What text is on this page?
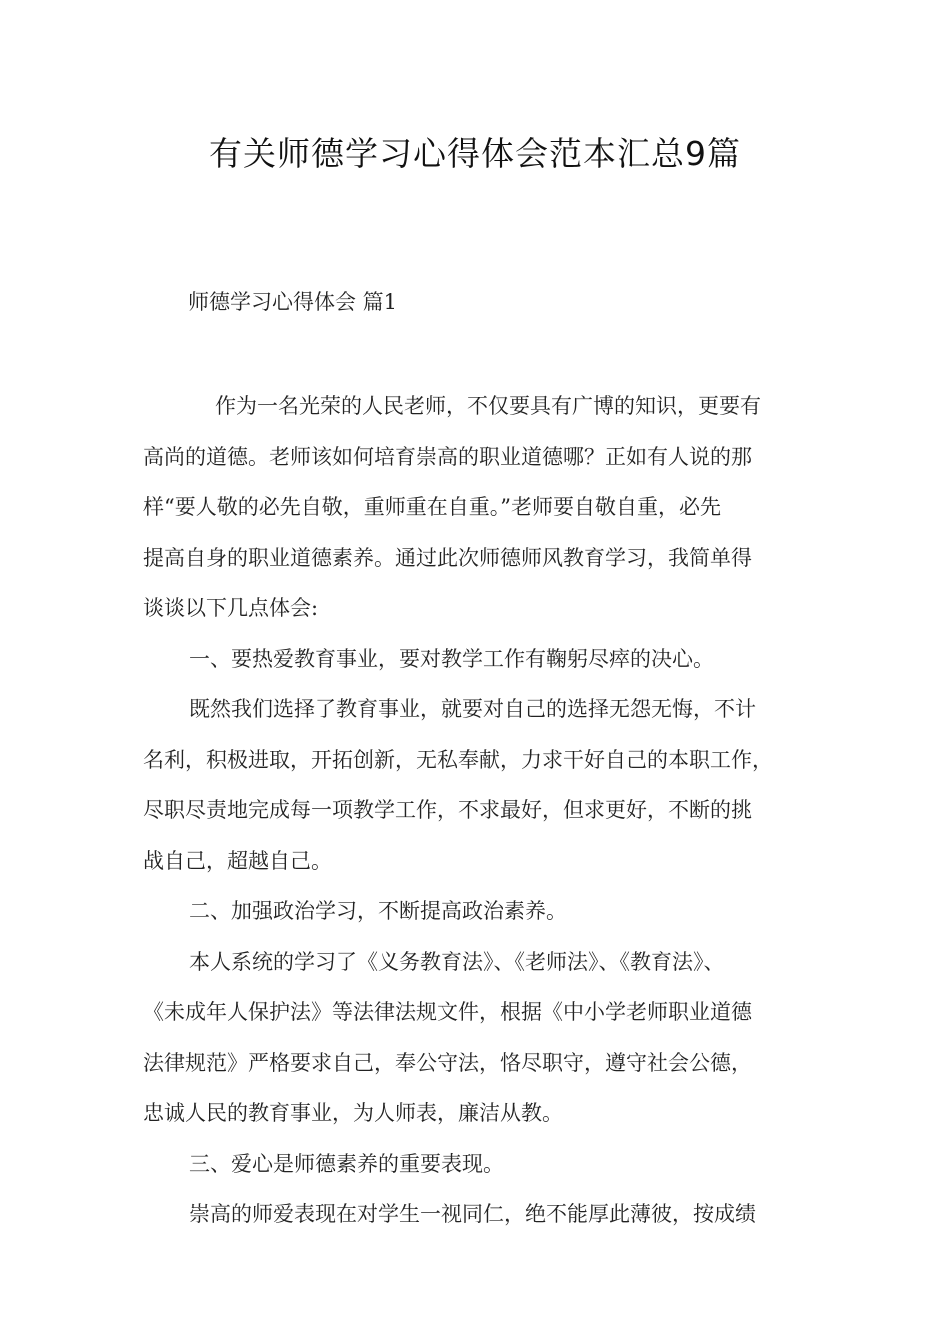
有关师德学习心得体会范本汇总9篇
师德学习心得体会 篇1
作为一名光荣的人民老师，不仅要具有广博的知识，更要有
高尚的道德。老师该如何培育崇高的职业道德哪？正如有人说的那
样“要人敬的必先自敬，重师重在自重。”老师要自敬自重，必先
提高自身的职业道德素养。通过此次师德师风教育学习，我简单得
谈谈以下几点体会:
一、要热爱教育事业，要对教学工作有鞠躬尽瘁的决心。
既然我们选择了教育事业，就要对自己的选择无怨无悔，不计
名利，积极进取，开拓创新，无私奉献，力求干好自己的本职工作，
尽职尽责地完成每一项教学工作，不求最好，但求更好，不断的挑
战自己，超越自己。
二、加强政治学习，不断提高政治素养。
本人系统的学习了《义务教育法》、《老师法》、《教育法》、
《未成年人保护法》等法律法规文件，根据《中小学老师职业道德
法律规范》严格要求自己，奉公守法，恪尽职守，遵守社会公德，
忠诚人民的教育事业，为人师表，廉洁从教。
三、爱心是师德素养的重要表现。
崇高的师爱表现在对学生一视同仁，绝不能厚此薄彼，按成绩
